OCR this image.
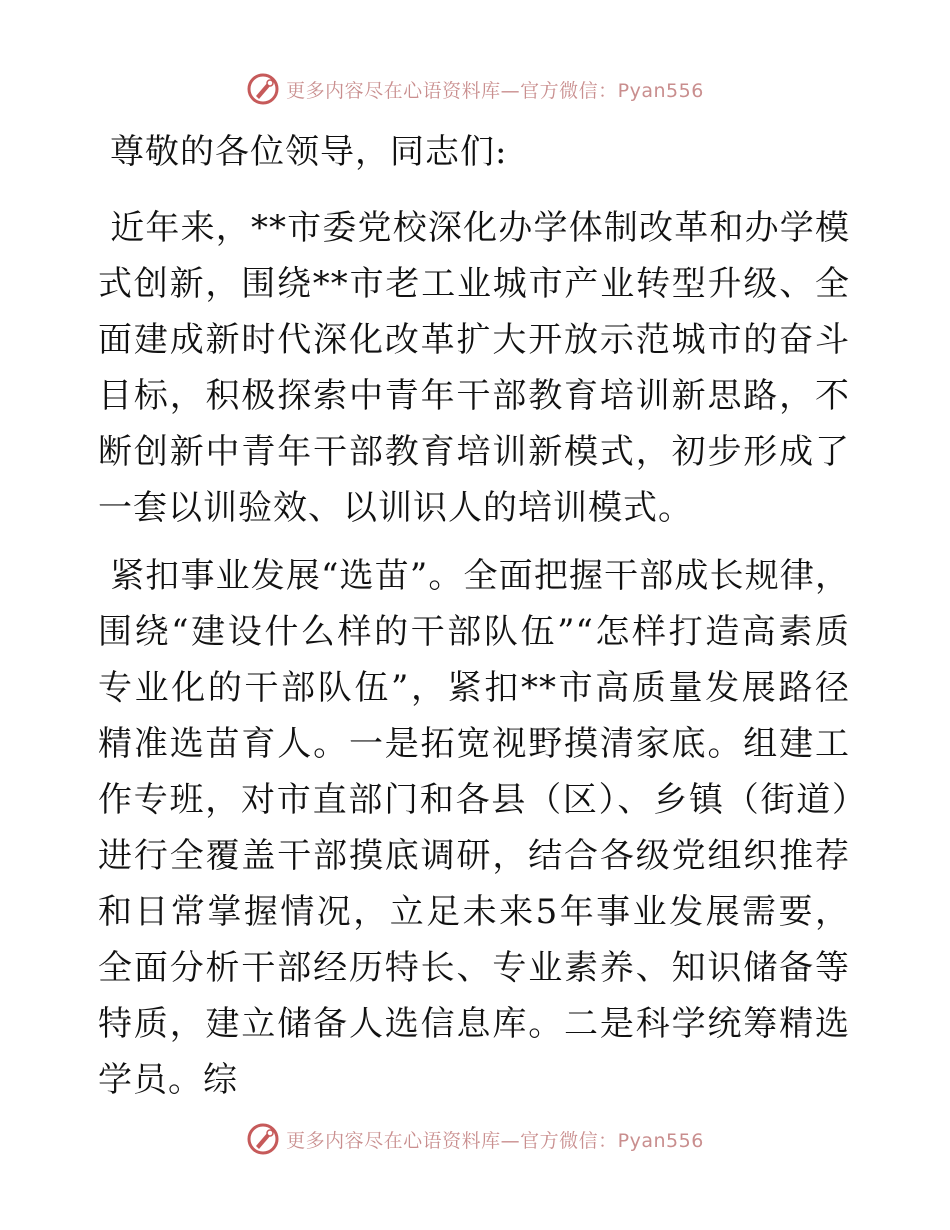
更多内容尽在心语资料库—官方微信：Pyan556

尊敬的各位领导，同志们:

近年来，**市委党校深化办学体制改革和办学模式创新，围绕**市老工业城市产业转型升级、全面建成新时代深化改革扩大开放示范城市的奋斗目标，积极探索中青年干部教育培训新思路，不断创新中青年干部教育培训新模式，初步形成了一套以训验效、以训识人的培训模式。

紧扣事业发展“选苗”。全面把握干部成长规律，围绕“建设什么样的干部队伍”“怎样打造高素质专业化的干部队伍”，紧扣**市高质量发展路径精准选苗育人。一是拓宽视野摸清家底。组建工作专班，对市直部门和各县（区）、乡镇（街道）进行全覆盖干部摸底调研，结合各级党组织推荐和日常掌握情况，立足未来5年事业发展需要，全面分析干部经历特长、专业素养、知识储备等特质，建立储备人选信息库。二是科学统筹精选学员。综

更多内容尽在心语资料库—官方微信：Pyan556
